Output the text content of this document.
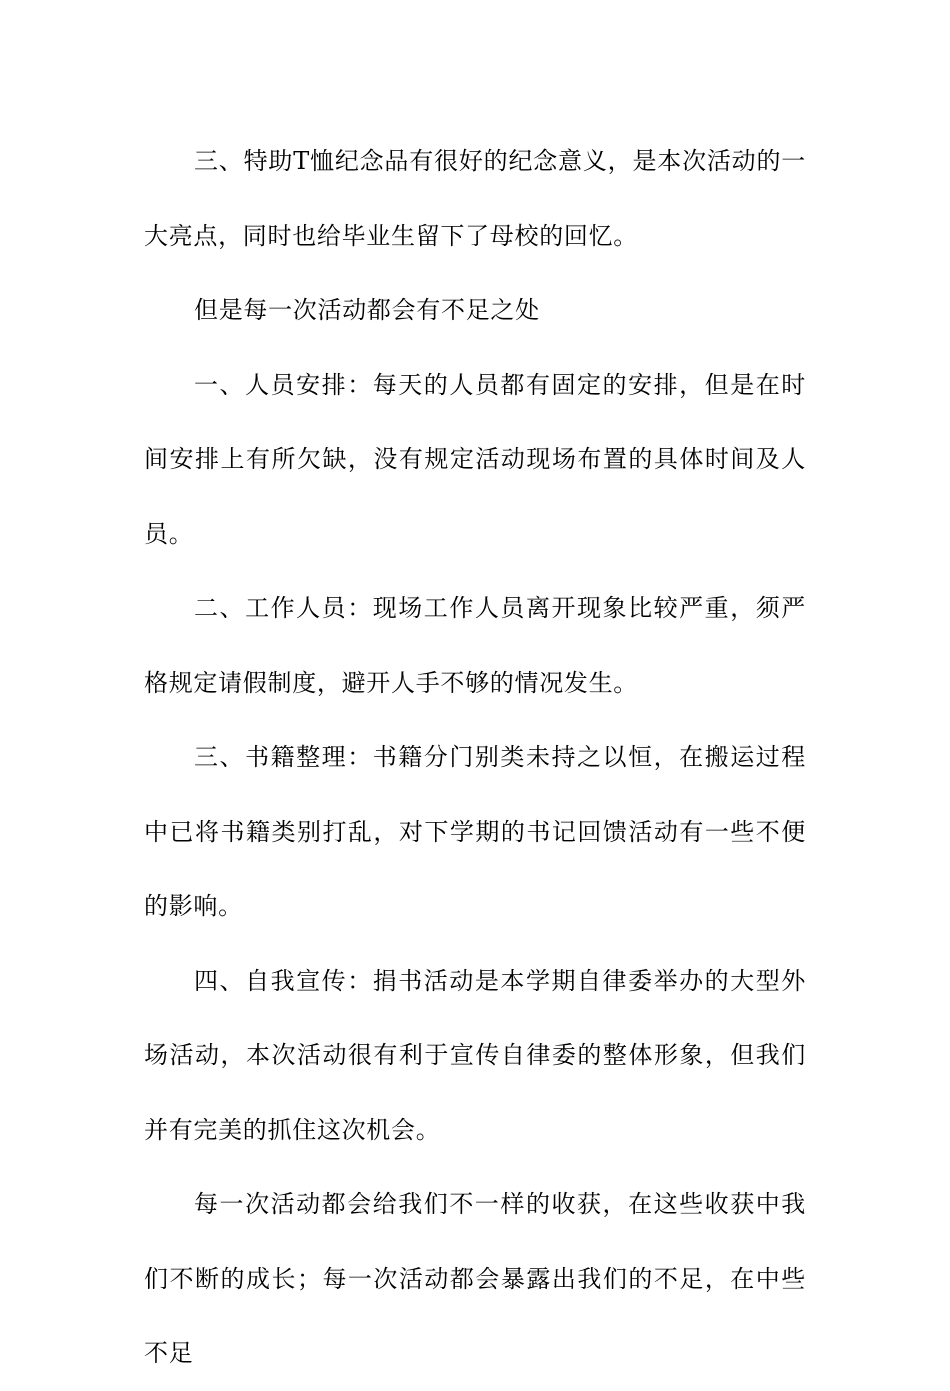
三、特助T恤纪念品有很好的纪念意义，是本次活动的一大亮点，同时也给毕业生留下了母校的回忆。

但是每一次活动都会有不足之处

一、人员安排：每天的人员都有固定的安排，但是在时间安排上有所欠缺，没有规定活动现场布置的具体时间及人员。

二、工作人员：现场工作人员离开现象比较严重，须严格规定请假制度，避开人手不够的情况发生。

三、书籍整理：书籍分门别类未持之以恒，在搬运过程中已将书籍类别打乱，对下学期的书记回馈活动有一些不便的影响。

四、自我宣传：捐书活动是本学期自律委举办的大型外场活动，本次活动很有利于宣传自律委的整体形象，但我们并有完美的抓住这次机会。

每一次活动都会给我们不一样的收获，在这些收获中我们不断的成长；每一次活动都会暴露出我们的不足，在中些不足
